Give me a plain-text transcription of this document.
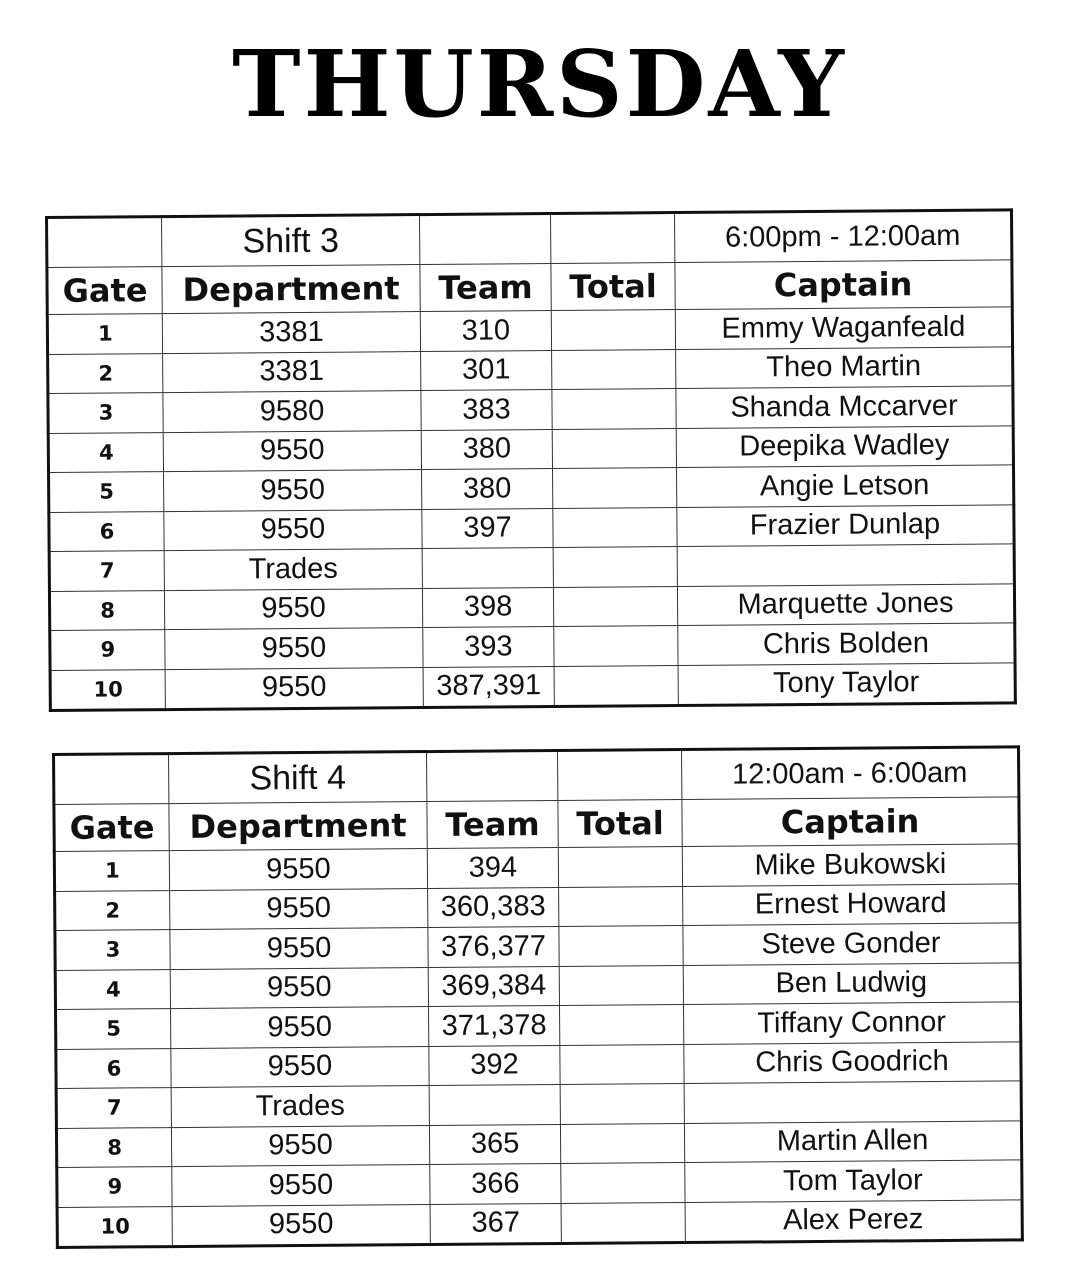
THURSDAY
	Shift 3			6:00pm - 12:00am
Gate	Department	Team	Total	Captain
1	3381	310		Emmy Waganfeald
2	3381	301		Theo Martin
3	9580	383		Shanda Mccarver
4	9550	380		Deepika Wadley
5	9550	380		Angie Letson
6	9550	397		Frazier Dunlap
7	Trades			
8	9550	398		Marquette Jones
9	9550	393		Chris Bolden
10	9550	387,391		Tony Taylor
	Shift 4			12:00am - 6:00am
Gate	Department	Team	Total	Captain
1	9550	394		Mike Bukowski
2	9550	360,383		Ernest Howard
3	9550	376,377		Steve Gonder
4	9550	369,384		Ben Ludwig
5	9550	371,378		Tiffany Connor
6	9550	392		Chris Goodrich
7	Trades			
8	9550	365		Martin Allen
9	9550	366		Tom Taylor
10	9550	367		Alex Perez
